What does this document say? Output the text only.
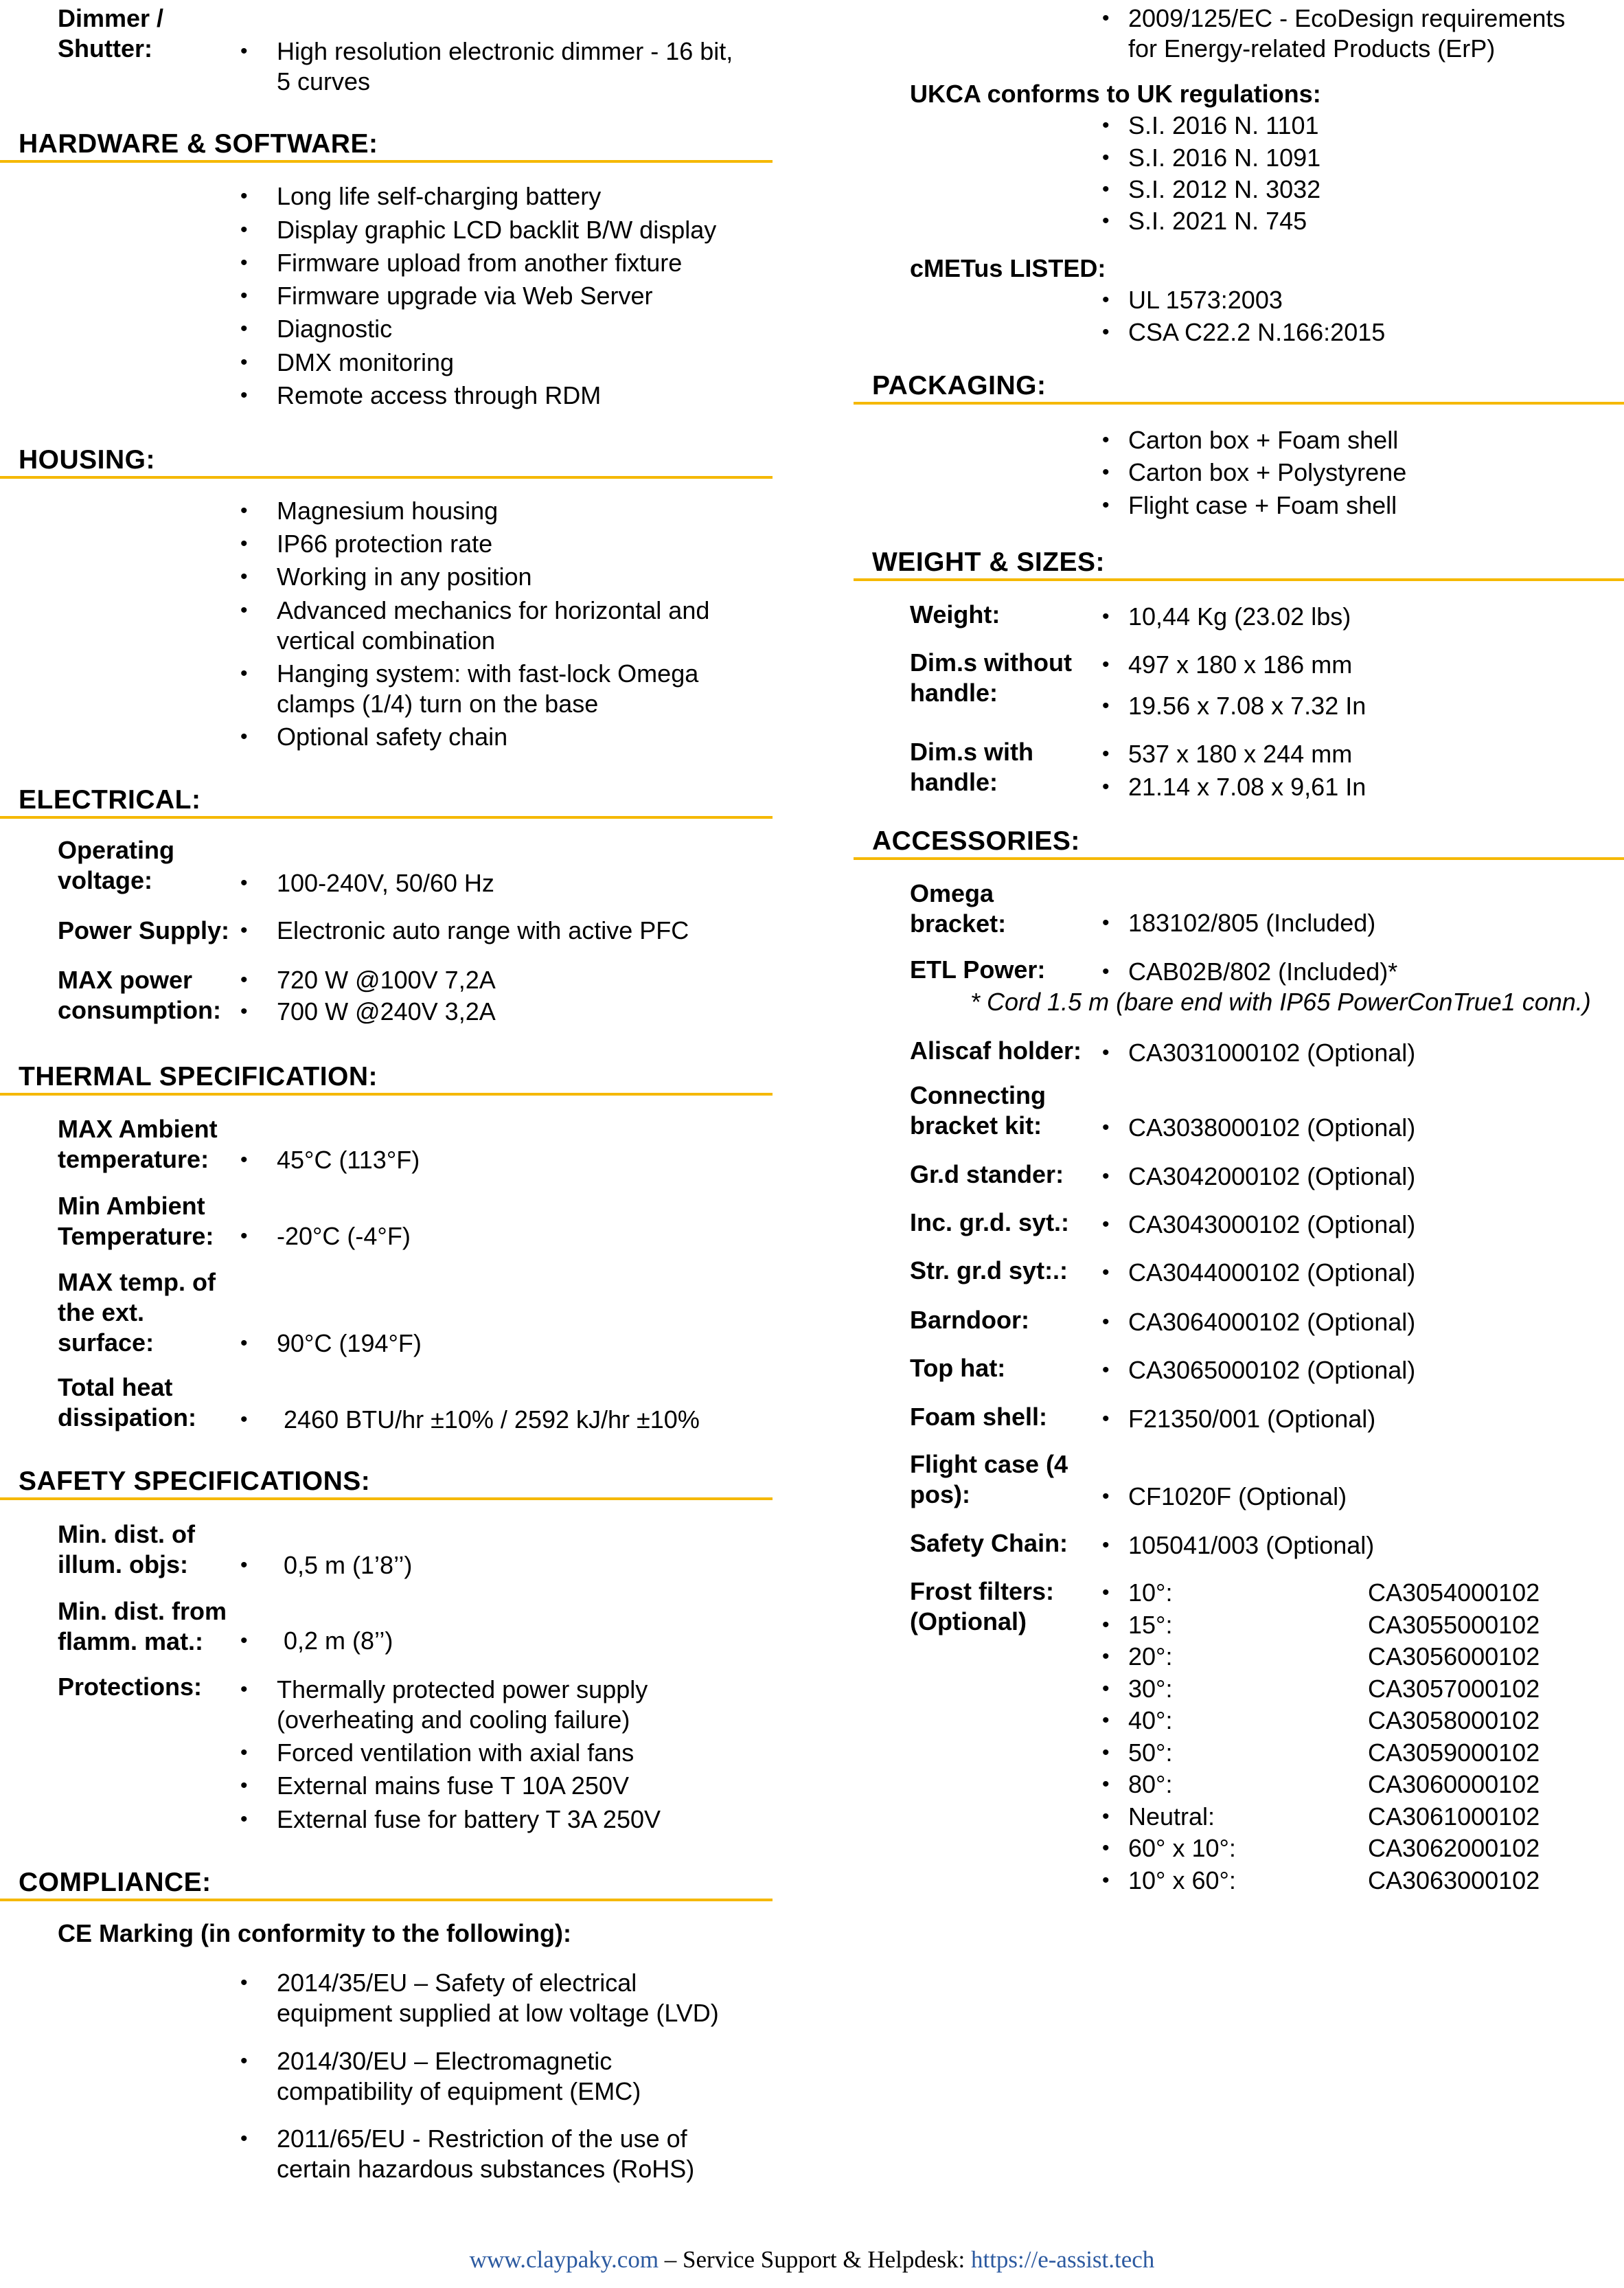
Dimmer /
Shutter:	• High resolution electronic dimmer - 16 bit,
5 curves
HARDWARE & SOFTWARE:
• Long life self-charging battery
• Display graphic LCD backlit B/W display
• Firmware upload from another fixture
• Firmware upgrade via Web Server
• Diagnostic
• DMX monitoring
• Remote access through RDM
HOUSING:
• Magnesium housing
• IP66 protection rate
• Working in any position
• Advanced mechanics for horizontal and
vertical combination
• Hanging system: with fast-lock Omega
clamps (1/4) turn on the base
• Optional safety chain
ELECTRICAL:
Operating
voltage:	• 100-240V, 50/60 Hz
Power Supply: • Electronic auto range with active PFC
MAX power
consumption:
• 720 W @100V 7,2A
• 700 W @240V 3,2A
THERMAL SPECIFICATION:
MAX Ambient
temperature:	• 45°C (113°F)
Min Ambient
Temperature: • -20°C (-4°F)
MAX temp. of
the ext.
surface:	• 90°C (194°F)
Total heat
dissipation: • 2460 BTU/hr ±10% / 2592 kJ/hr ±10%
SAFETY SPECIFICATIONS:
Min. dist. of
illum. objs:	• 0,5 m (1’8’’)
Min. dist. from
flamm. mat.:	• 0,2 m (8’’)
Protections: • Thermally protected power supply
(overheating and cooling failure)
• Forced ventilation with axial fans
• External mains fuse T 10A 250V
• External fuse for battery T 3A 250V
COMPLIANCE:
CE Marking (in conformity to the following):
• 2014/35/EU – Safety of electrical
equipment supplied at low voltage (LVD)
• 2014/30/EU – Electromagnetic
compatibility of equipment (EMC)
• 2011/65/EU - Restriction of the use of
certain hazardous substances (RoHS)
• 2009/125/EC - EcoDesign requirements
for Energy-related Products (ErP)
UKCA conforms to UK regulations:
• S.I. 2016 N. 1101
• S.I. 2016 N. 1091
• S.I. 2012 N. 3032
• S.I. 2021 N. 745
cMETus LISTED:
• UL 1573:2003
• CSA C22.2 N.166:2015
PACKAGING:
• Carton box + Foam shell
• Carton box + Polystyrene
• Flight case + Foam shell
WEIGHT & SIZES:
Weight:	• 10,44 Kg (23.02 lbs)
Dim.s without
handle:
• 497 x 180 x 186 mm
• 19.56 x 7.08 x 7.32 In
Dim.s with
handle:
• 537 x 180 x 244 mm
• 21.14 x 7.08 x 9,61 In
ACCESSORIES:
Omega
bracket:	• 183102/805 (Included)
ETL Power:	• CAB02B/802 (Included)*
Aliscaf holder: • CA3031000102 (Optional)
Connecting
bracket kit:	• CA3038000102 (Optional)
Gr.d stander: • CA3042000102 (Optional)
Inc. gr.d. syt.: • CA3043000102 (Optional)
Str. gr.d syt:.: • CA3044000102 (Optional)
Barndoor:	• CA3064000102 (Optional)
Top hat:	• CA3065000102 (Optional)
Foam shell:	• F21350/001 (Optional)
Flight case (4
pos):	• CF1020F (Optional)
Safety Chain: • 105041/003 (Optional)
* Cord 1.5 m (bare end with IP65 PowerConTrue1 conn.)
Frost filters:
(Optional)
• 10°:	CA3054000102
• 15°:	CA3055000102
• 20°:	CA3056000102
• 30°:	CA3057000102
• 40°:	CA3058000102
• 50°:	CA3059000102
• 80°:	CA3060000102
• Neutral:	CA3061000102
• 60° x 10°:	CA3062000102
• 10° x 60°:	CA3063000102
www.claypaky.com – Service Support & Helpdesk: https://e-assist.tech
